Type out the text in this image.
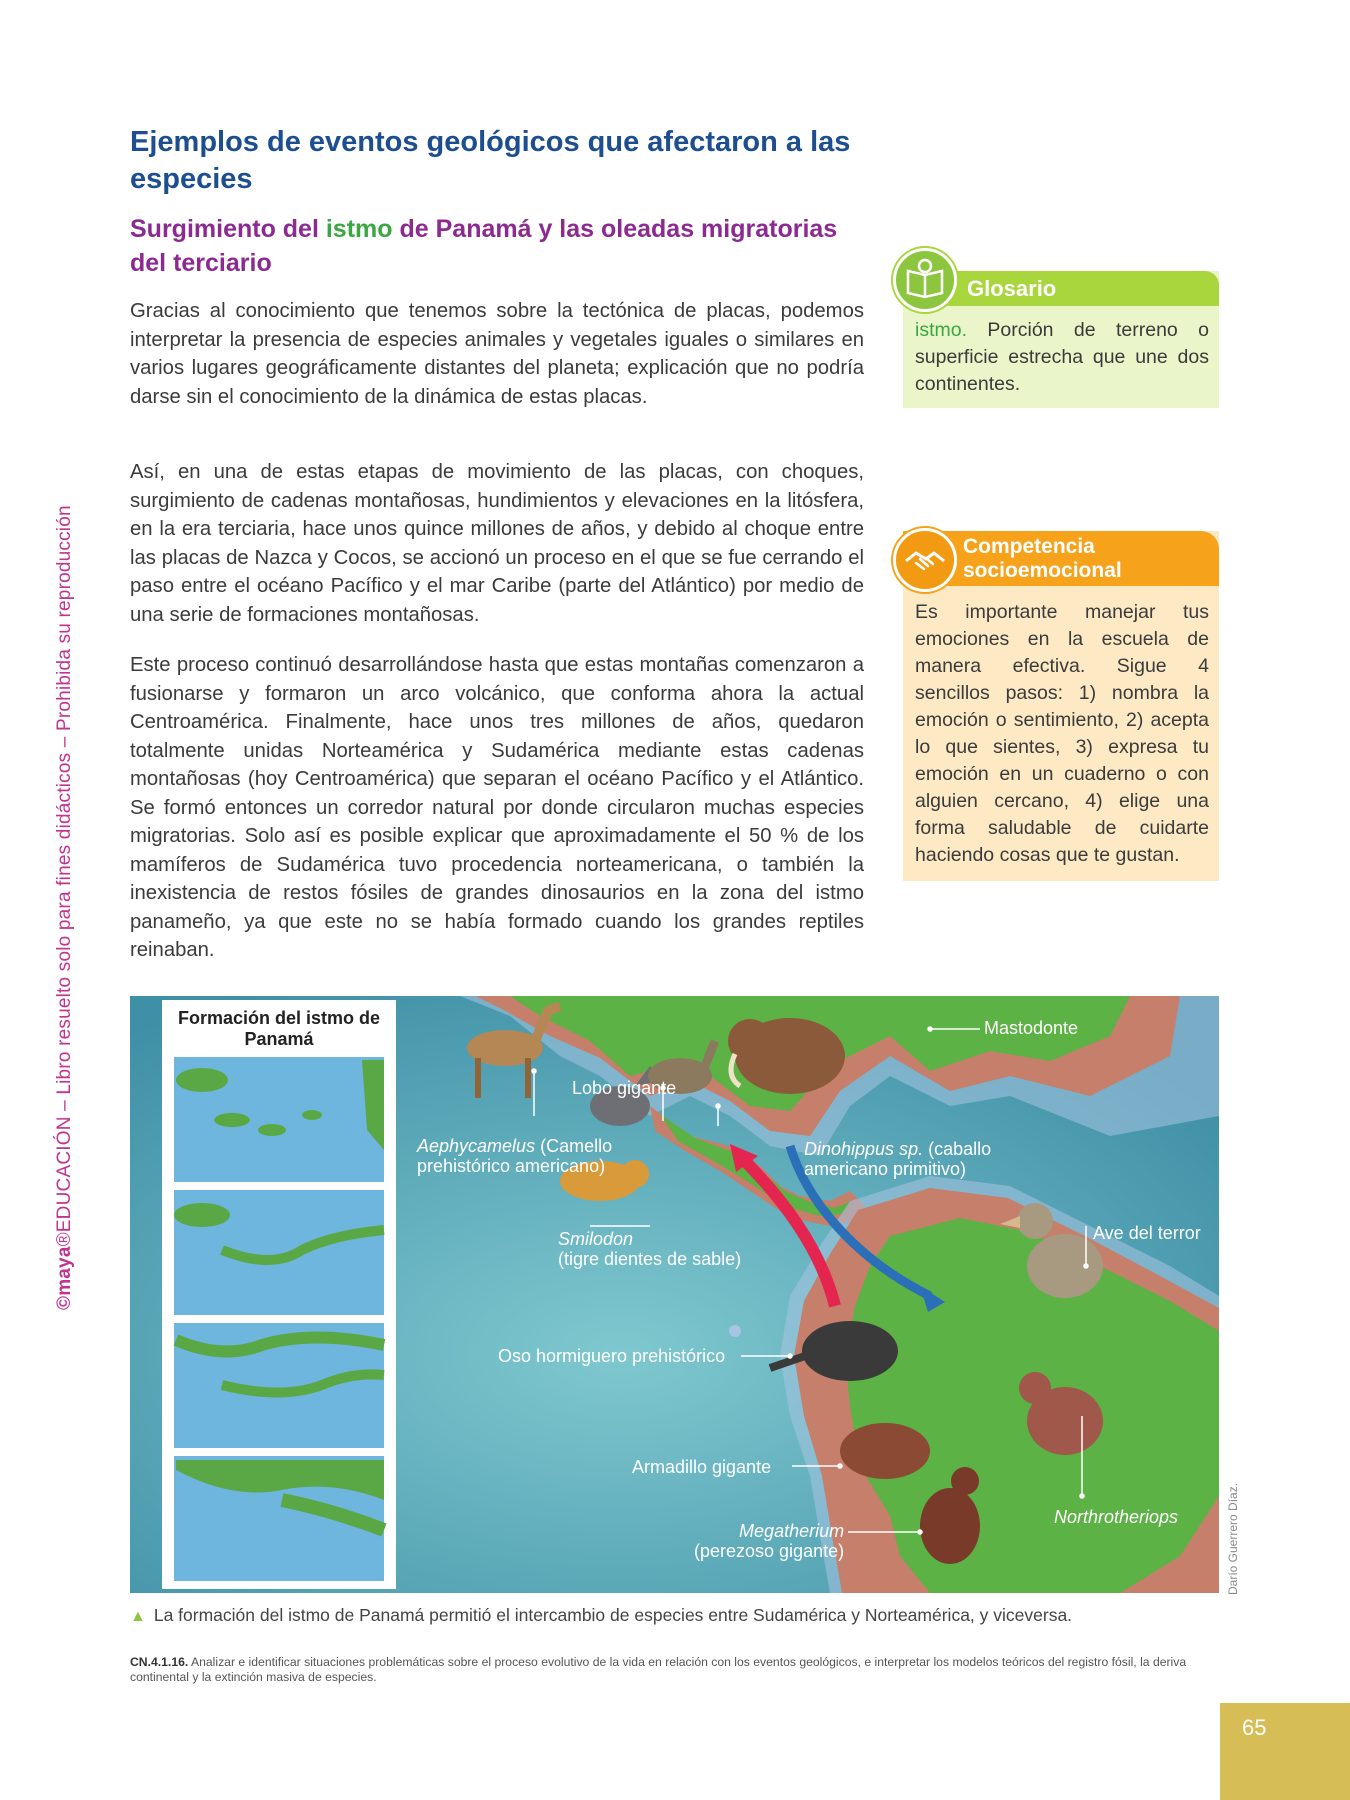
©maya®EDUCACIÓN – Libro resuelto solo para fines didácticos – Prohibida su reproducción
Ejemplos de eventos geológicos que afectaron a las especies
Surgimiento del istmo de Panamá y las oleadas migratorias del terciario

Gracias al conocimiento que tenemos sobre la tectónica de placas, podemos interpretar la presencia de especies animales y vegetales iguales o similares en varios lugares geográficamente distantes del planeta; explicación que no podría darse sin el conocimiento de la dinámica de estas placas.

Así, en una de estas etapas de movimiento de las placas, con choques, surgimiento de cadenas montañosas, hundimientos y elevaciones en la litósfera, en la era terciaria, hace unos quince millones de años, y debido al choque entre las placas de Nazca y Cocos, se accionó un proceso en el que se fue cerrando el paso entre el océano Pacífico y el mar Caribe (parte del Atlántico) por medio de una serie de formaciones montañosas.

Este proceso continuó desarrollándose hasta que estas montañas comenzaron a fusionarse y formaron un arco volcánico, que conforma ahora la actual Centroamérica. Finalmente, hace unos tres millones de años, quedaron totalmente unidas Norteamérica y Sudamérica mediante estas cadenas montañosas (hoy Centroamérica) que separan el océano Pacífico y el Atlántico. Se formó entonces un corredor natural por donde circularon muchas especies migratorias. Solo así es posible explicar que aproximadamente el 50 % de los mamíferos de Sudamérica tuvo procedencia norteamericana, o también la inexistencia de restos fósiles de grandes dinosaurios en la zona del istmo panameño, ya que este no se había formado cuando los grandes reptiles reinaban.

Glosario

istmo. Porción de terreno o superficie estrecha que une dos continentes.

Competencia socioemocional

Es importante manejar tus emociones en la escuela de manera efectiva. Sigue 4 sencillos pasos: 1) nombra la emoción o sentimiento, 2) acepta lo que sientes, 3) expresa tu emoción en un cuaderno o con alguien cercano, 4) elige una forma saludable de cuidarte haciendo cosas que te gustan.

Formación del istmo de Panamá
Mastodonte
Lobo gigante
Aephycamelus (Camello
prehistórico americano)
Dinohippus sp. (caballo
americano primitivo)
Smilodon
(tigre dientes de sable)
Ave del terror
Oso hormiguero prehistórico
Armadillo gigante
Megatherium
(perezoso gigante)
Northrotheriops	Darío Guerrero Díaz.
▲ La formación del istmo de Panamá permitió el intercambio de especies entre Sudamérica y Norteamérica, y viceversa.

CN.4.1.16. Analizar e identificar situaciones problemáticas sobre el proceso evolutivo de la vida en relación con los eventos geológicos, e interpretar los modelos teóricos del registro fósil, la deriva continental y la extinción masiva de especies.

65
